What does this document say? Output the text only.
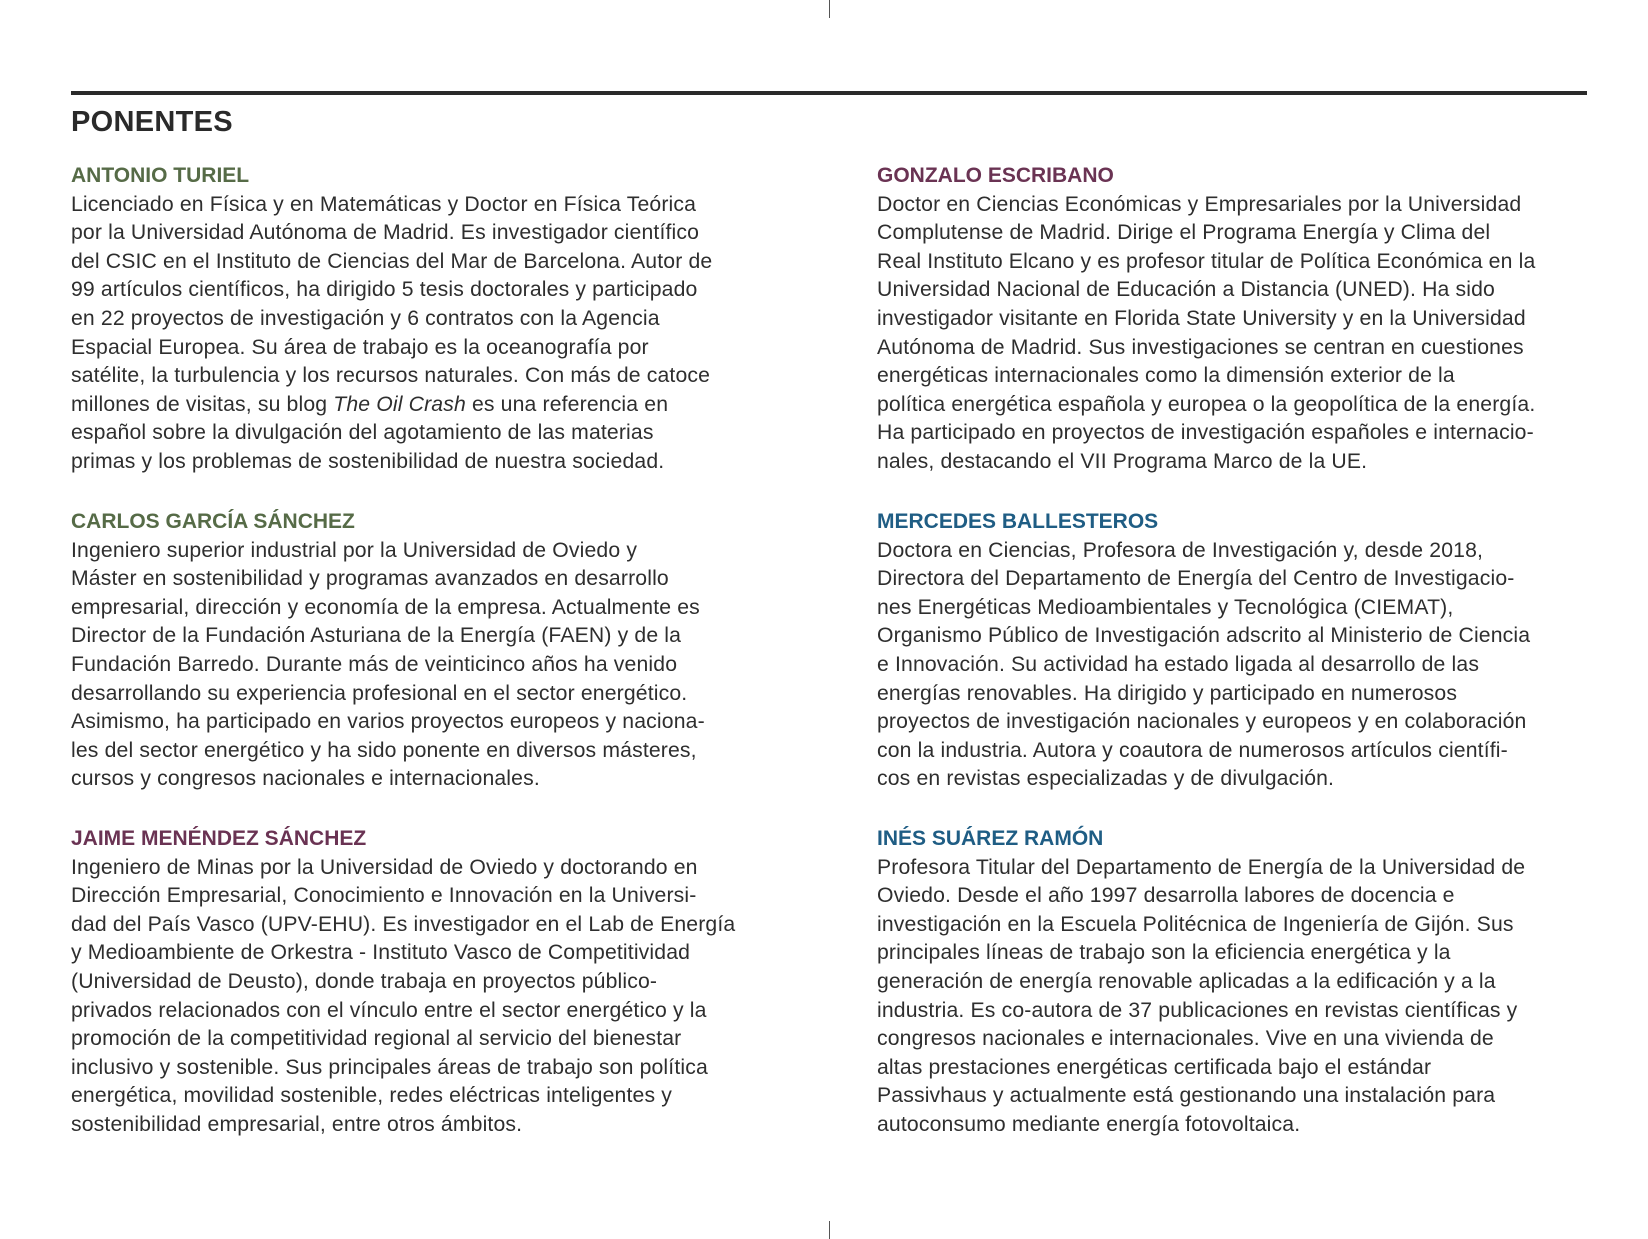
PONENTES
ANTONIO TURIEL
Licenciado en Física y en Matemáticas y Doctor en Física Teórica
por la Universidad Autónoma de Madrid. Es investigador científico
del CSIC en el Instituto de Ciencias del Mar de Barcelona. Autor de
99 artículos científicos, ha dirigido 5 tesis doctorales y participado
en 22 proyectos de investigación y 6 contratos con la Agencia
Espacial Europea. Su área de trabajo es la oceanografía por
satélite, la turbulencia y los recursos naturales. Con más de catoce
millones de visitas, su blog The Oil Crash es una referencia en
español sobre la divulgación del agotamiento de las materias
primas y los problemas de sostenibilidad de nuestra sociedad.
CARLOS GARCÍA SÁNCHEZ
Ingeniero superior industrial por la Universidad de Oviedo y
Máster en sostenibilidad y programas avanzados en desarrollo
empresarial, dirección y economía de la empresa. Actualmente es
Director de la Fundación Asturiana de la Energía (FAEN) y de la
Fundación Barredo. Durante más de veinticinco años ha venido
desarrollando su experiencia profesional en el sector energético.
Asimismo, ha participado en varios proyectos europeos y naciona-
les del sector energético y ha sido ponente en diversos másteres,
cursos y congresos nacionales e internacionales.
JAIME MENÉNDEZ SÁNCHEZ
Ingeniero de Minas por la Universidad de Oviedo y doctorando en
Dirección Empresarial, Conocimiento e Innovación en la Universi-
dad del País Vasco (UPV-EHU). Es investigador en el Lab de Energía
y Medioambiente de Orkestra - Instituto Vasco de Competitividad
(Universidad de Deusto), donde trabaja en proyectos público-
privados relacionados con el vínculo entre el sector energético y la
promoción de la competitividad regional al servicio del bienestar
inclusivo y sostenible. Sus principales áreas de trabajo son política
energética, movilidad sostenible, redes eléctricas inteligentes y
sostenibilidad empresarial, entre otros ámbitos.
GONZALO ESCRIBANO
Doctor en Ciencias Económicas y Empresariales por la Universidad
Complutense de Madrid. Dirige el Programa Energía y Clima del
Real Instituto Elcano y es profesor titular de Política Económica en la
Universidad Nacional de Educación a Distancia (UNED). Ha sido
investigador visitante en Florida State University y en la Universidad
Autónoma de Madrid. Sus investigaciones se centran en cuestiones
energéticas internacionales como la dimensión exterior de la
política energética española y europea o la geopolítica de la energía.
Ha participado en proyectos de investigación españoles e internacio-
nales, destacando el VII Programa Marco de la UE.
MERCEDES BALLESTEROS
Doctora en Ciencias, Profesora de Investigación y, desde 2018,
Directora del Departamento de Energía del Centro de Investigacio-
nes Energéticas Medioambientales y Tecnológica (CIEMAT),
Organismo Público de Investigación adscrito al Ministerio de Ciencia
e Innovación. Su actividad ha estado ligada al desarrollo de las
energías renovables. Ha dirigido y participado en numerosos
proyectos de investigación nacionales y europeos y en colaboración
con la industria. Autora y coautora de numerosos artículos científi-
cos en revistas especializadas y de divulgación.
INÉS SUÁREZ RAMÓN
Profesora Titular del Departamento de Energía de la Universidad de
Oviedo. Desde el año 1997 desarrolla labores de docencia e
investigación en la Escuela Politécnica de Ingeniería de Gijón. Sus
principales líneas de trabajo son la eficiencia energética y la
generación de energía renovable aplicadas a la edificación y a la
industria. Es co-autora de 37 publicaciones en revistas científicas y
congresos nacionales e internacionales. Vive en una vivienda de
altas prestaciones energéticas certificada bajo el estándar
Passivhaus y actualmente está gestionando una instalación para
autoconsumo mediante energía fotovoltaica.
